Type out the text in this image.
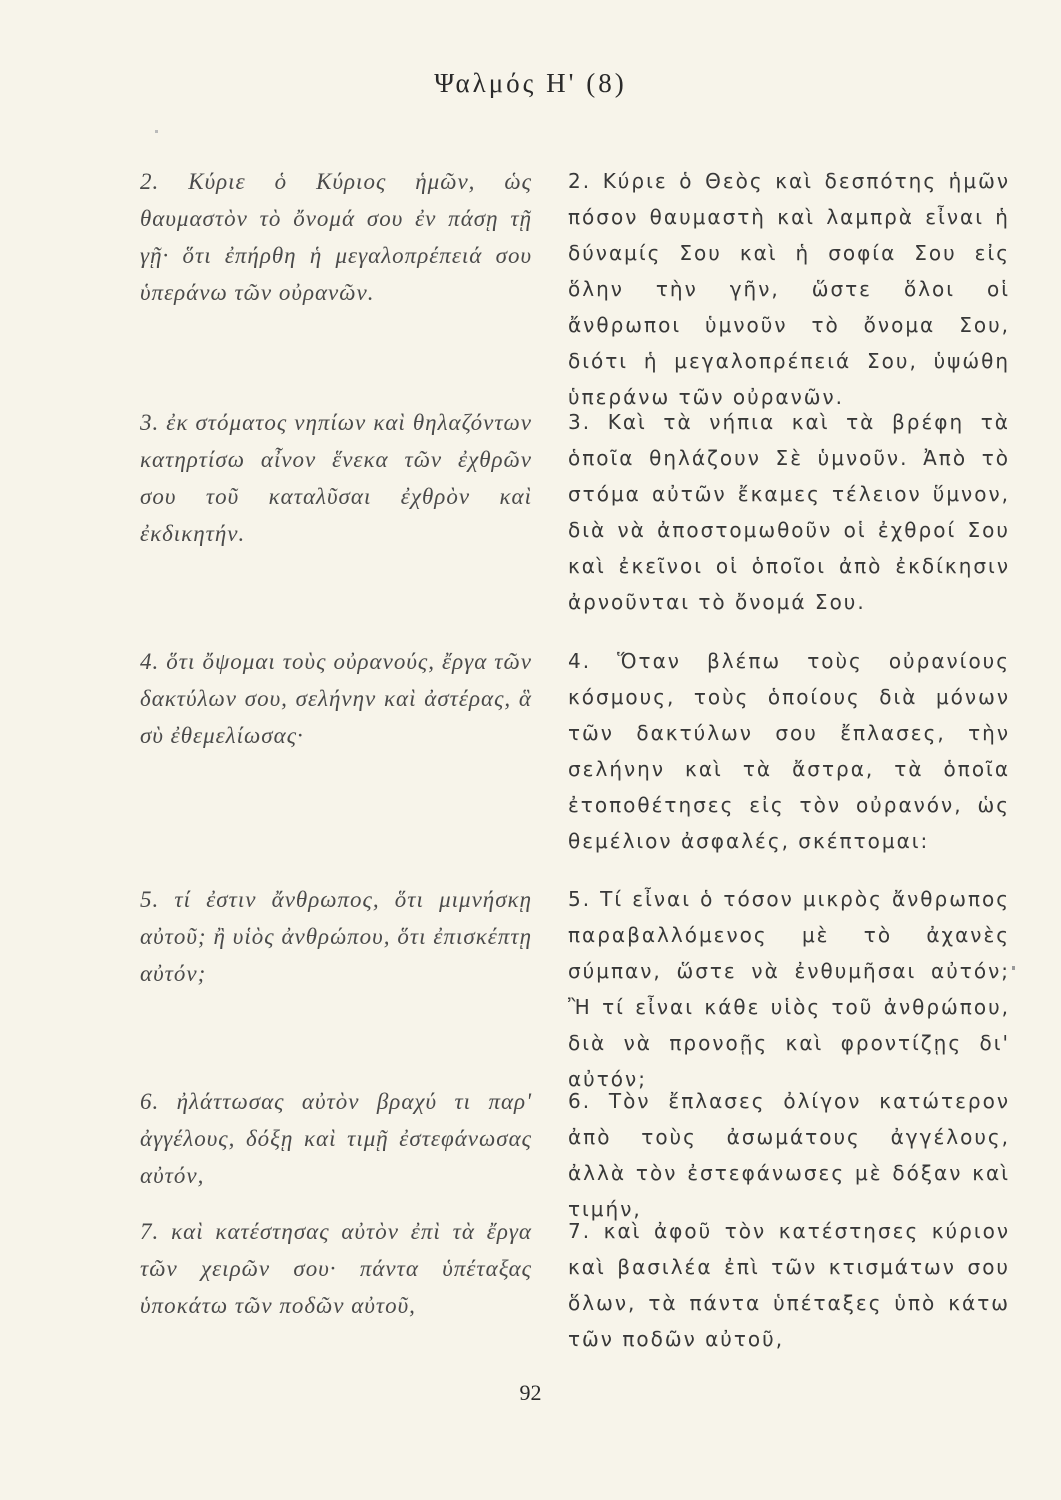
Ψαλμός Η' (8)
2. Κύριε ὁ Κύριος ἡμῶν, ὡς θαυμαστὸν τὸ ὄνομά σου ἐν πάσῃ τῇ γῇ· ὅτι ἐπήρθη ἡ μεγαλοπρέπειά σου ὑπεράνω τῶν οὐρανῶν.
2. Κύριε ὁ Θεὸς καὶ δεσπότης ἡμῶν πόσον θαυμαστὴ καὶ λαμπρὰ εἶναι ἡ δύναμίς Σου καὶ ἡ σοφία Σου εἰς ὅλην τὴν γῆν, ὥστε ὅλοι οἱ ἄνθρωποι ὑμνοῦν τὸ ὄνομα Σου, διότι ἡ μεγαλοπρέπειά Σου, ὑψώθη ὑπεράνω τῶν οὐρανῶν.
3. ἐκ στόματος νηπίων καὶ θηλαζόντων κατηρτίσω αἶνον ἕνεκα τῶν ἐχθρῶν σου τοῦ καταλῦσαι ἐχθρὸν καὶ ἐκδικητήν.
3. Καὶ τὰ νήπια καὶ τὰ βρέφη τὰ ὁποῖα θηλάζουν Σὲ ὑμνοῦν. Ἀπὸ τὸ στόμα αὐτῶν ἔκαμες τέλειον ὕμνον, διὰ νὰ ἀποστομωθοῦν οἱ ἐχθροί Σου καὶ ἐκεῖνοι οἱ ὁποῖοι ἀπὸ ἐκδίκησιν ἀρνοῦνται τὸ ὄνομά Σου.
4. ὅτι ὄψομαι τοὺς οὐρανούς, ἔργα τῶν δακτύλων σου, σελήνην καὶ ἀστέρας, ἃ σὺ ἐθεμελίωσας·
4. Ὅταν βλέπω τοὺς οὐρανίους κόσμους, τοὺς ὁποίους διὰ μόνων τῶν δακτύλων σου ἔπλασες, τὴν σελήνην καὶ τὰ ἄστρα, τὰ ὁποῖα ἐτοποθέτησες εἰς τὸν οὐρανόν, ὡς θεμέλιον ἀσφαλές, σκέπτομαι:
5. τί ἐστιν ἄνθρωπος, ὅτι μιμνήσκῃ αὐτοῦ; ἢ υἱὸς ἀνθρώπου, ὅτι ἐπισκέπτῃ αὐτόν;
5. Τί εἶναι ὁ τόσον μικρὸς ἄνθρωπος παραβαλλόμενος μὲ τὸ ἀχανὲς σύμπαν, ὥστε νὰ ἐνθυμῆσαι αὐτόν; Ἢ τί εἶναι κάθε υἱὸς τοῦ ἀνθρώπου, διὰ νὰ προνοῇς καὶ φροντίζῃς δι' αὐτόν;
6. ἠλάττωσας αὐτὸν βραχύ τι παρ' ἀγγέλους, δόξῃ καὶ τιμῇ ἐστεφάνωσας αὐτόν,
6. Τὸν ἔπλασες ὀλίγον κατώτερον ἀπὸ τοὺς ἀσωμάτους ἀγγέλους, ἀλλὰ τὸν ἐστεφάνωσες μὲ δόξαν καὶ τιμήν,
7. καὶ κατέστησας αὐτὸν ἐπὶ τὰ ἔργα τῶν χειρῶν σου· πάντα ὑπέταξας ὑποκάτω τῶν ποδῶν αὐτοῦ,
7. καὶ ἀφοῦ τὸν κατέστησες κύριον καὶ βασιλέα ἐπὶ τῶν κτισμάτων σου ὅλων, τὰ πάντα ὑπέταξες ὑπὸ κάτω τῶν ποδῶν αὐτοῦ,
92
